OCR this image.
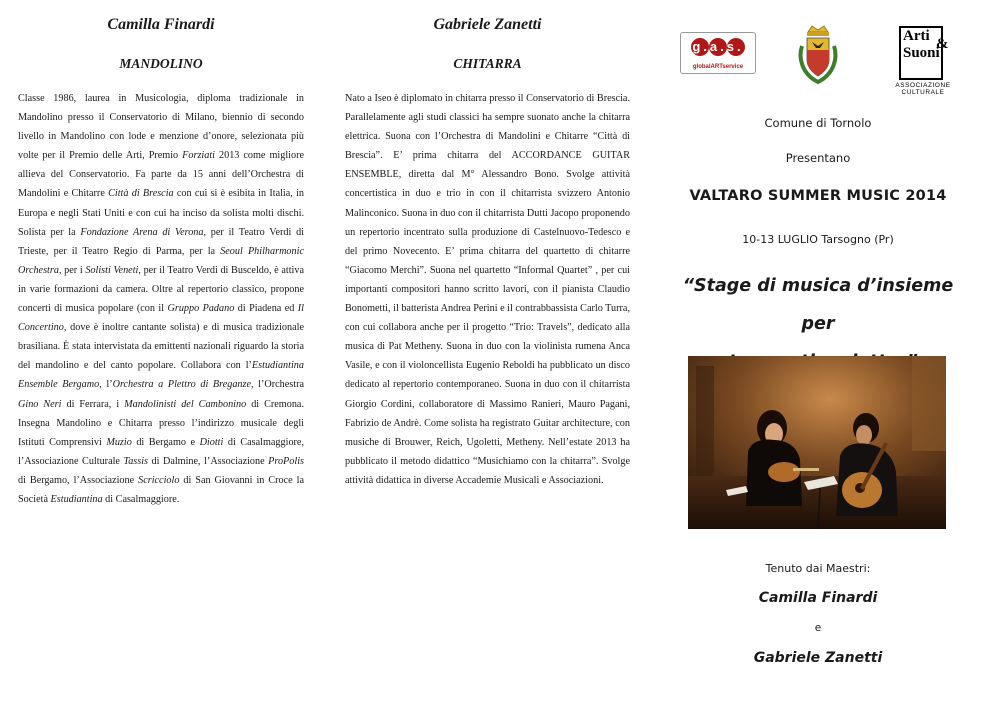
Camilla Finardi
MANDOLINO

Classe 1986, laurea in Musicologia, diploma tradizionale in Mandolino presso il Conservatorio di Milano, biennio di secondo livello in Mandolino con lode e menzione d’onore, selezionata più volte per il Premio delle Arti, Premio Forziati 2013 come migliore allieva del Conservatorio. Fa parte da 15 anni dell’Orchestra di Mandolini e Chitarre Città di Brescia con cui si è esibita in Italia, in Europa e negli Stati Uniti e con cui ha inciso da solista molti dischi. Solista per la Fondazione Arena di Verona, per il Teatro Verdi di Trieste, per il Teatro Regio di Parma, per la Seoul Philharmonic Orchestra, per i Solisti Veneti, per il Teatro Verdi di Busceldo, è attiva in varie formazioni da camera. Oltre al repertorio classico, propone concerti di musica popolare (con il Gruppo Padano di Piadena ed Il Concertino, dove è inoltre cantante solista) e di musica tradizionale brasiliana. È stata intervistata da emittenti nazionali riguardo la storia del mandolino e del canto popolare. Collabora con l’Estudiantina Ensemble Bergamo, l’Orchestra a Plettro di Breganze, l’Orchestra Gino Neri di Ferrara, i Mandolinisti del Cambonino di Cremona. Insegna Mandolino e Chitarra presso l’indirizzo musicale degli Istituti Comprensivi Muzio di Bergamo e Diotti di Casalmaggiore, l’Associazione Culturale Tassis di Dalmine, l’Associazione ProPolis di Bergamo, l’Associazione Scricciolo di San Giovanni in Croce la Società Estudiantina di Casalmaggiore.

Gabriele Zanetti
CHITARRA

Nato a Iseo è diplomato in chitarra presso il Conservatorio di Brescia. Parallelamente agli studi classici ha sempre suonato anche la chitarra elettrica. Suona con l’Orchestra di Mandolini e Chitarre “Città di Brescia”. E’ prima chitarra del ACCORDANCE GUITAR ENSEMBLE, diretta dal M° Alessandro Bono. Svolge attività concertistica in duo e trio in con il chitarrista svizzero Antonio Malinconico. Suona in duo con il chitarrista Dutti Jacopo proponendo un repertorio incentrato sulla produzione di Castelnuovo-Tedesco e del primo Novecento. E’ prima chitarra del quartetto di chitarre “Giacomo Merchi”. Suona nel quartetto “Informal Quartet” , per cui importanti compositori hanno scritto lavori, con il pianista Claudio Bonometti, il batterista Andrea Perini e il contrabbassista Carlo Turra, con cui collabora anche per il progetto “Trio: Travels”, dedicato alla musica di Pat Metheny. Suona in duo con la violinista rumena Anca Vasile, e con il violoncellista Eugenio Reboldi ha pubblicato un disco dedicato al repertorio contemporaneo. Suona in duo con il chitarrista Giorgio Cordini, collaboratore di Massimo Ranieri, Mauro Pagani, Fabrizio de Andrè. Come solista ha registrato Guitar architecture, con musiche di Brouwer, Reich, Ugoletti, Metheny. Nell’estate 2013 ha pubblicato il metodo didattico “Musichiamo con la chitarra”. Svolge attività didattica in diverse Accademie Musicali e Associazioni.

g.a.s.
globalARTservice
Arti Suoni
&
ASSOCIAZIONE CULTURALE
Comune di Tornolo
Presentano
VALTARO SUMMER MUSIC 2014
10-13 LUGLIO Tarsogno (Pr)
“Stage di musica d’insieme per
Tenuto dai Maestri:
Camilla Finardi
e
Gabriele Zanetti
